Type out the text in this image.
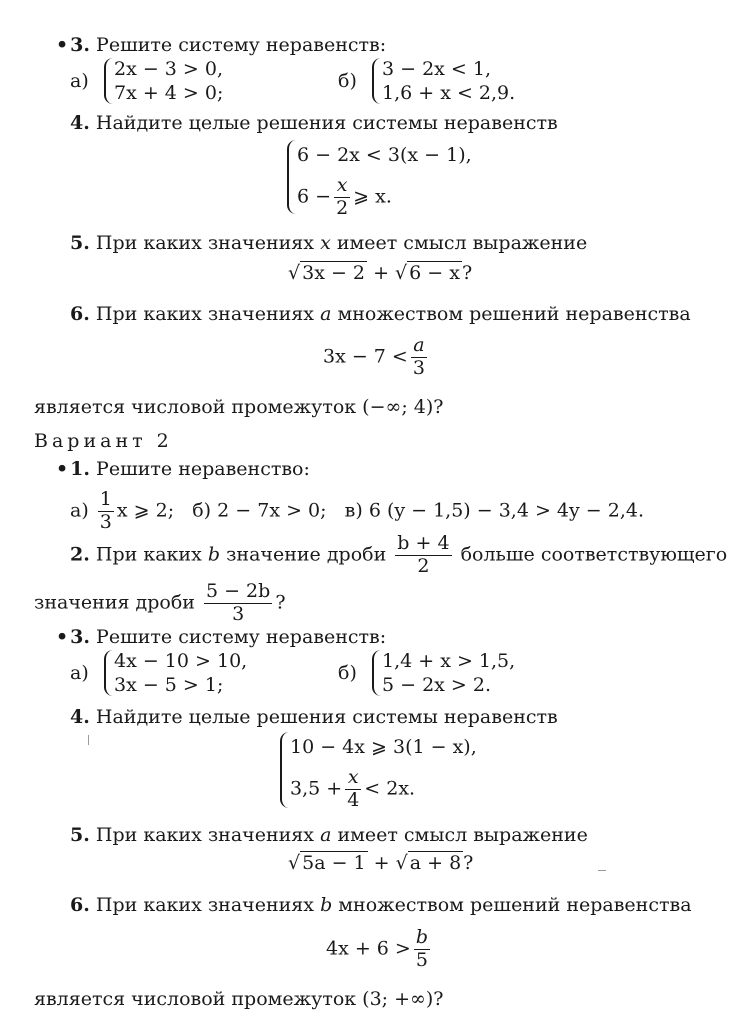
• 3. Решите систему неравенств:
а)
2x − 3 > 0,
7x + 4 > 0;
б)
3 − 2x < 1,
1,6 + x < 2,9.
4. Найдите целые решения системы неравенств
6 − 2x < 3(x − 1),
$6 - \frac{x}{2}$ ⩾ x.
5. При каких значениях x имеет смысл выражение
√ 3x − 2 + √ 6 − x ?
6. При каких значениях a множеством решений неравенства
$3x - 7 < \frac{a}{3}$
является числовой промежуток (−∞; 4)?
Вариант 2
• 1. Решите неравенство:
$а) \frac{1}{3}$ x ⩾ 2; б) 2 − 7x > 0; в) 6 (y − 1,5) − 3,4 > 4y − 2,4.
2. При каких b значение дроби $\frac{b + 4}{2}$ больше соответствующего
значения дроби $\frac{5 - 2b}{3}$ ?
• 3. Решите систему неравенств:
а)
4x − 10 > 10,
3x − 5 > 1;
б)
1,4 + x > 1,5,
5 − 2x > 2.
4. Найдите целые решения системы неравенств
10 − 4x ⩾ 3(1 − x),
$3,5 + \frac{x}{4} < 2x$.
5. При каких значениях a имеет смысл выражение
√ 5a − 1 + √ a + 8 ?
6. При каких значениях b множеством решений неравенства
$4x + 6 > \frac{b}{5}$
является числовой промежуток (3; +∞)?
